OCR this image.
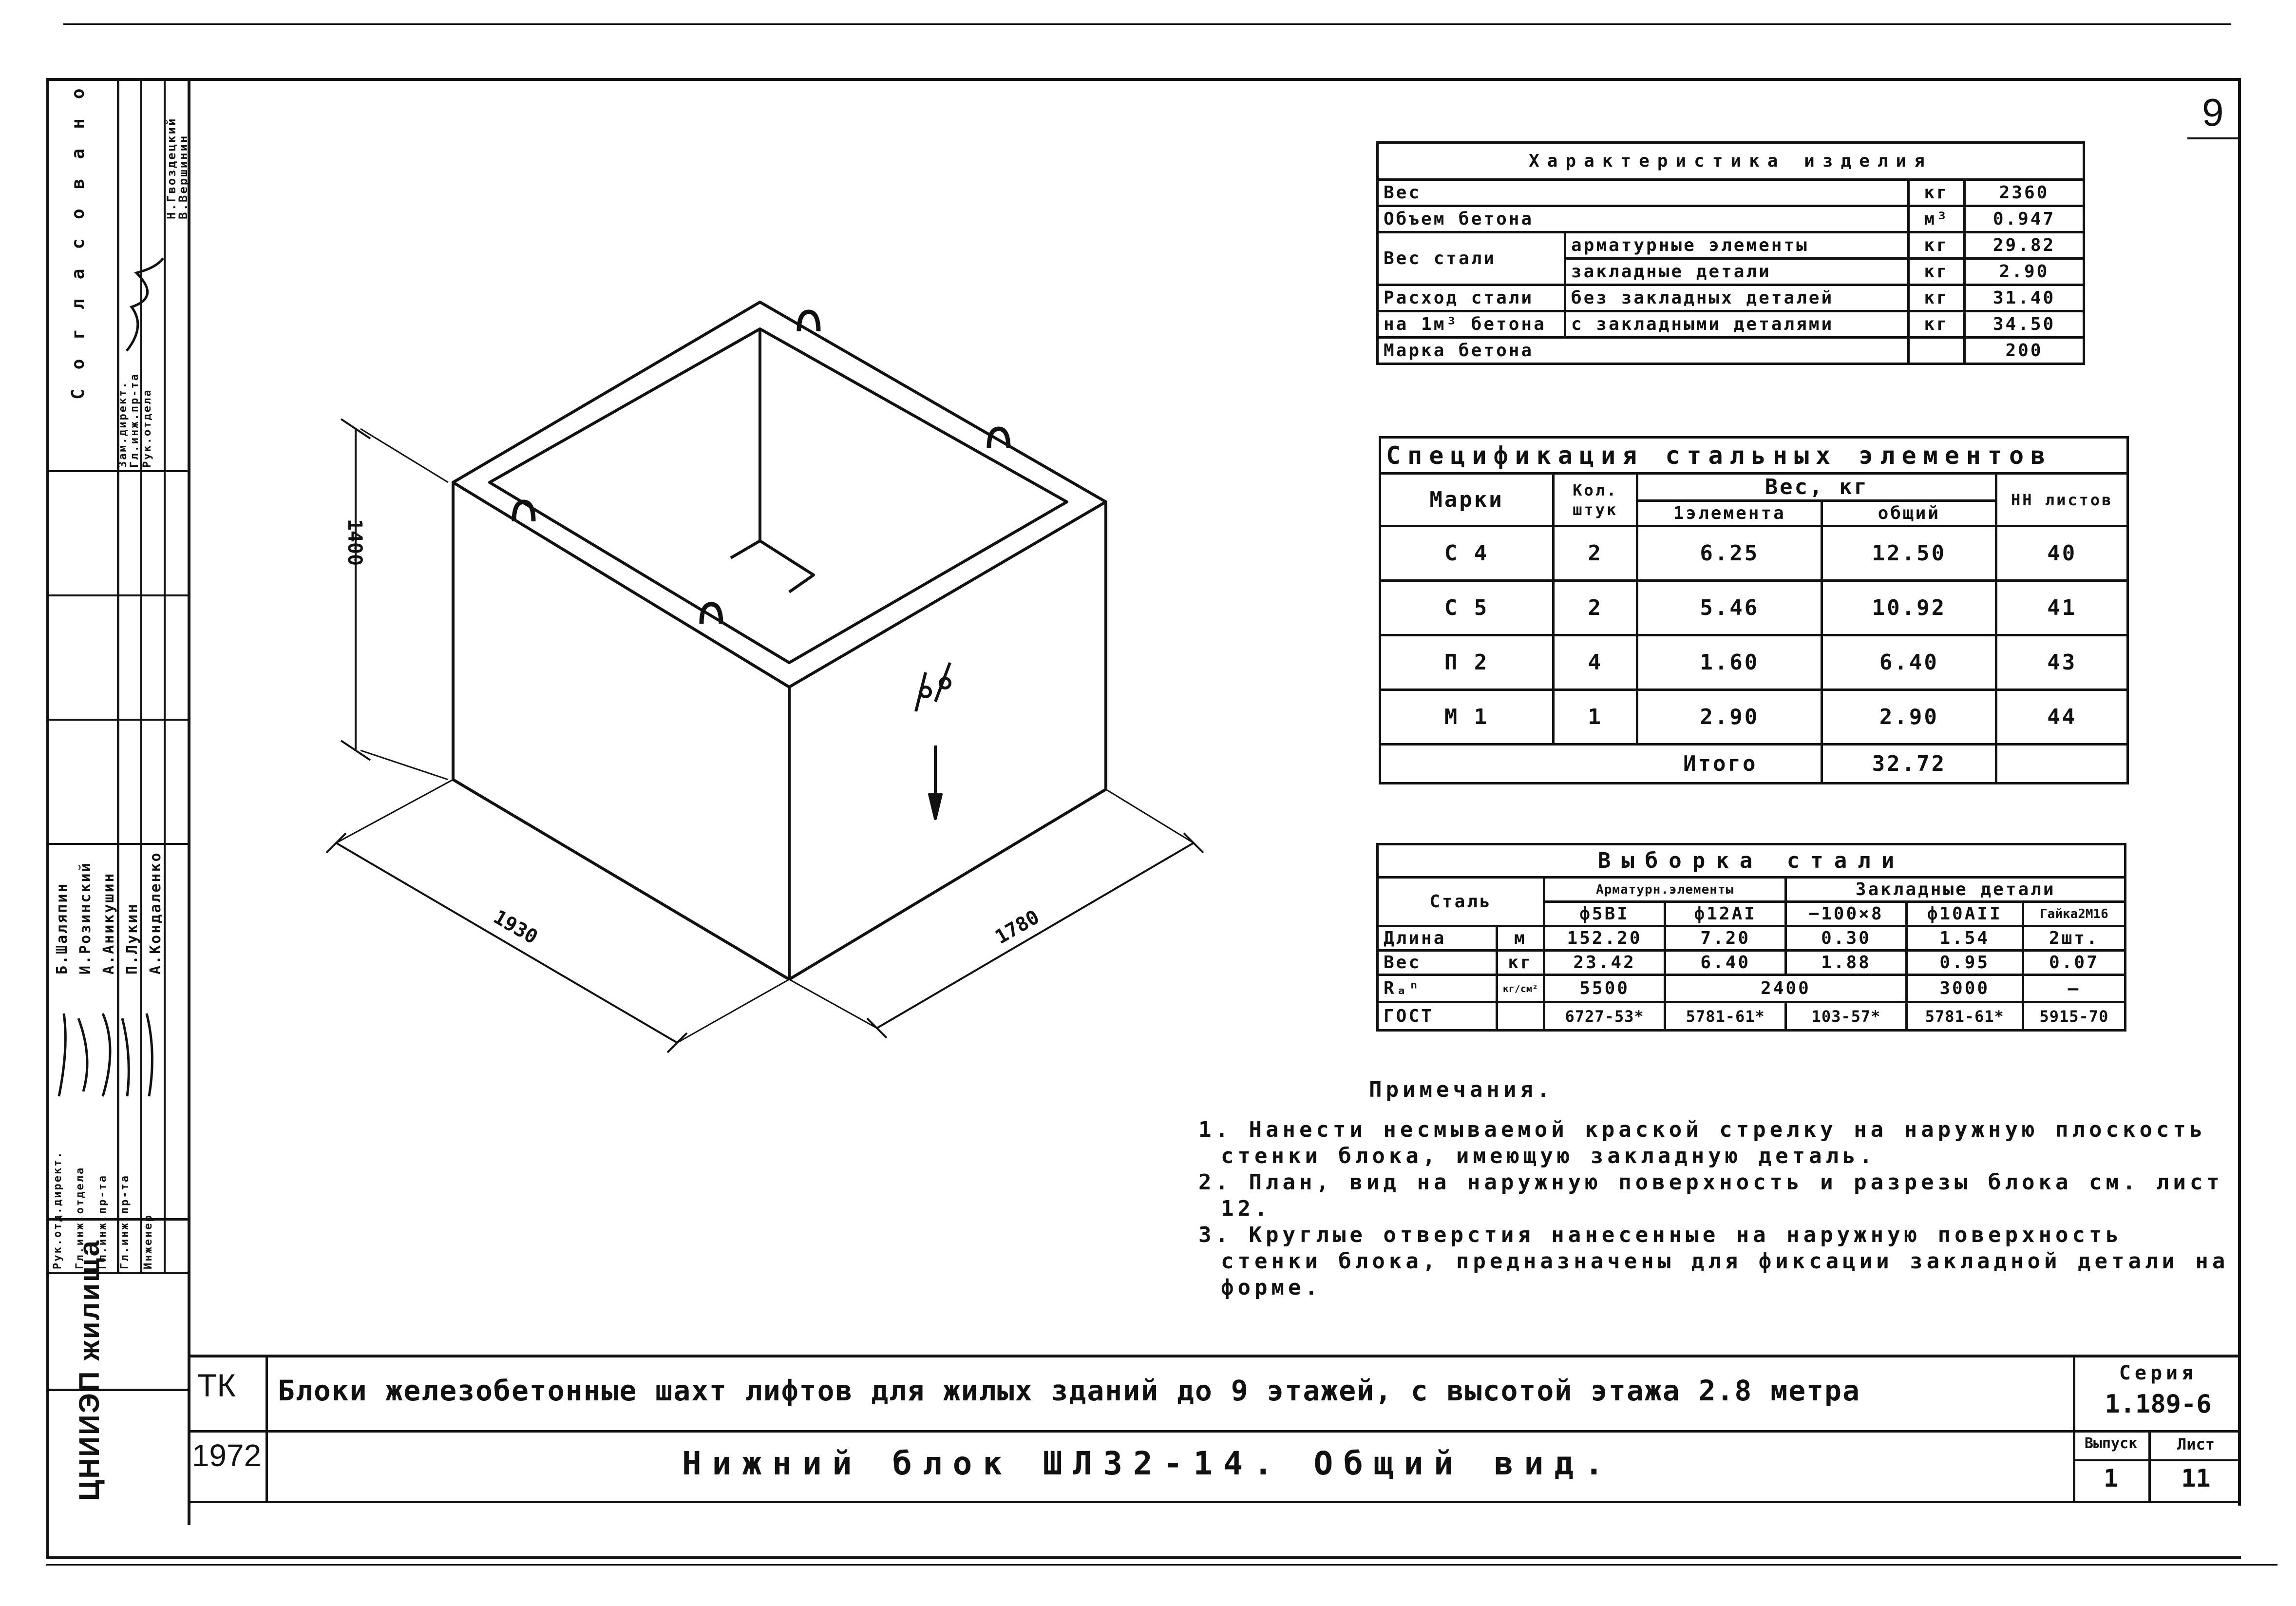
9
Согласовано
Зам.директ. Гл.инж.пр-та Рук.отдела
Н.Гвоздецкий
В.Вершинин
Рук.отд.директ. Гл.инж.отдела Гл.инж.пр-та Гл.инж.пр-та Инженер
Б.Шаляпин И.Розинский А.Аникушин П.Лукин А.Кондаленко
ЦНИИЭП жилища
1400
1930	1780
Характеристика изделия			
Вес		кг	2360
Объем бетона		м³	0.947
Вес стали	арматурные элементы	кг	29.82
	закладные детали	кг	2.90
Расход стали	без закладных деталей	кг	31.40
на 1м³ бетона	с закладными деталями	кг	34.50
Марка бетона			200
Спецификация стальных элементов				
Марки	Кол. штук	Вес, кг		НН листов
		1элемента	общий	
С 4	2	6.25	12.50	40
С 5	2	5.46	10.92	41
П 2	4	1.60	6.40	43
М 1	1	2.90	2.90	44
Итого			32.72	
Выборка стали						
Сталь		Арматурн.элементы		Закладные детали		
		ф5ВI	ф12АI	−100×8	ф10АII	Гайка2М16
Длина	м	152.20	7.20	0.30	1.54	2шт.
Вес	кг	23.42	6.40	1.88	0.95	0.07
Rₐⁿ	кг/см²	5500	2400		3000	—
ГОСТ		6727-53*	5781-61*	103-57*	5781-61*	5915-70

Примечания.

1. Нанести несмываемой краской стрелку на наружную плоскость стенки блока, имеющую закладную деталь.

2. План, вид на наружную поверхность и разрезы блока см. лист 12.

3. Круглые отверстия нанесенные на наружную поверхность стенки блока, предназначены для фиксации закладной детали на форме.

ТК
1972
Блоки железобетонные шахт лифтов для жилых зданий до 9 этажей, с высотой этажа 2.8 метра
Нижний блок ШЛ32-14. Общий вид.
Серия
1.189-6
Выпуск
1
Лист
11
